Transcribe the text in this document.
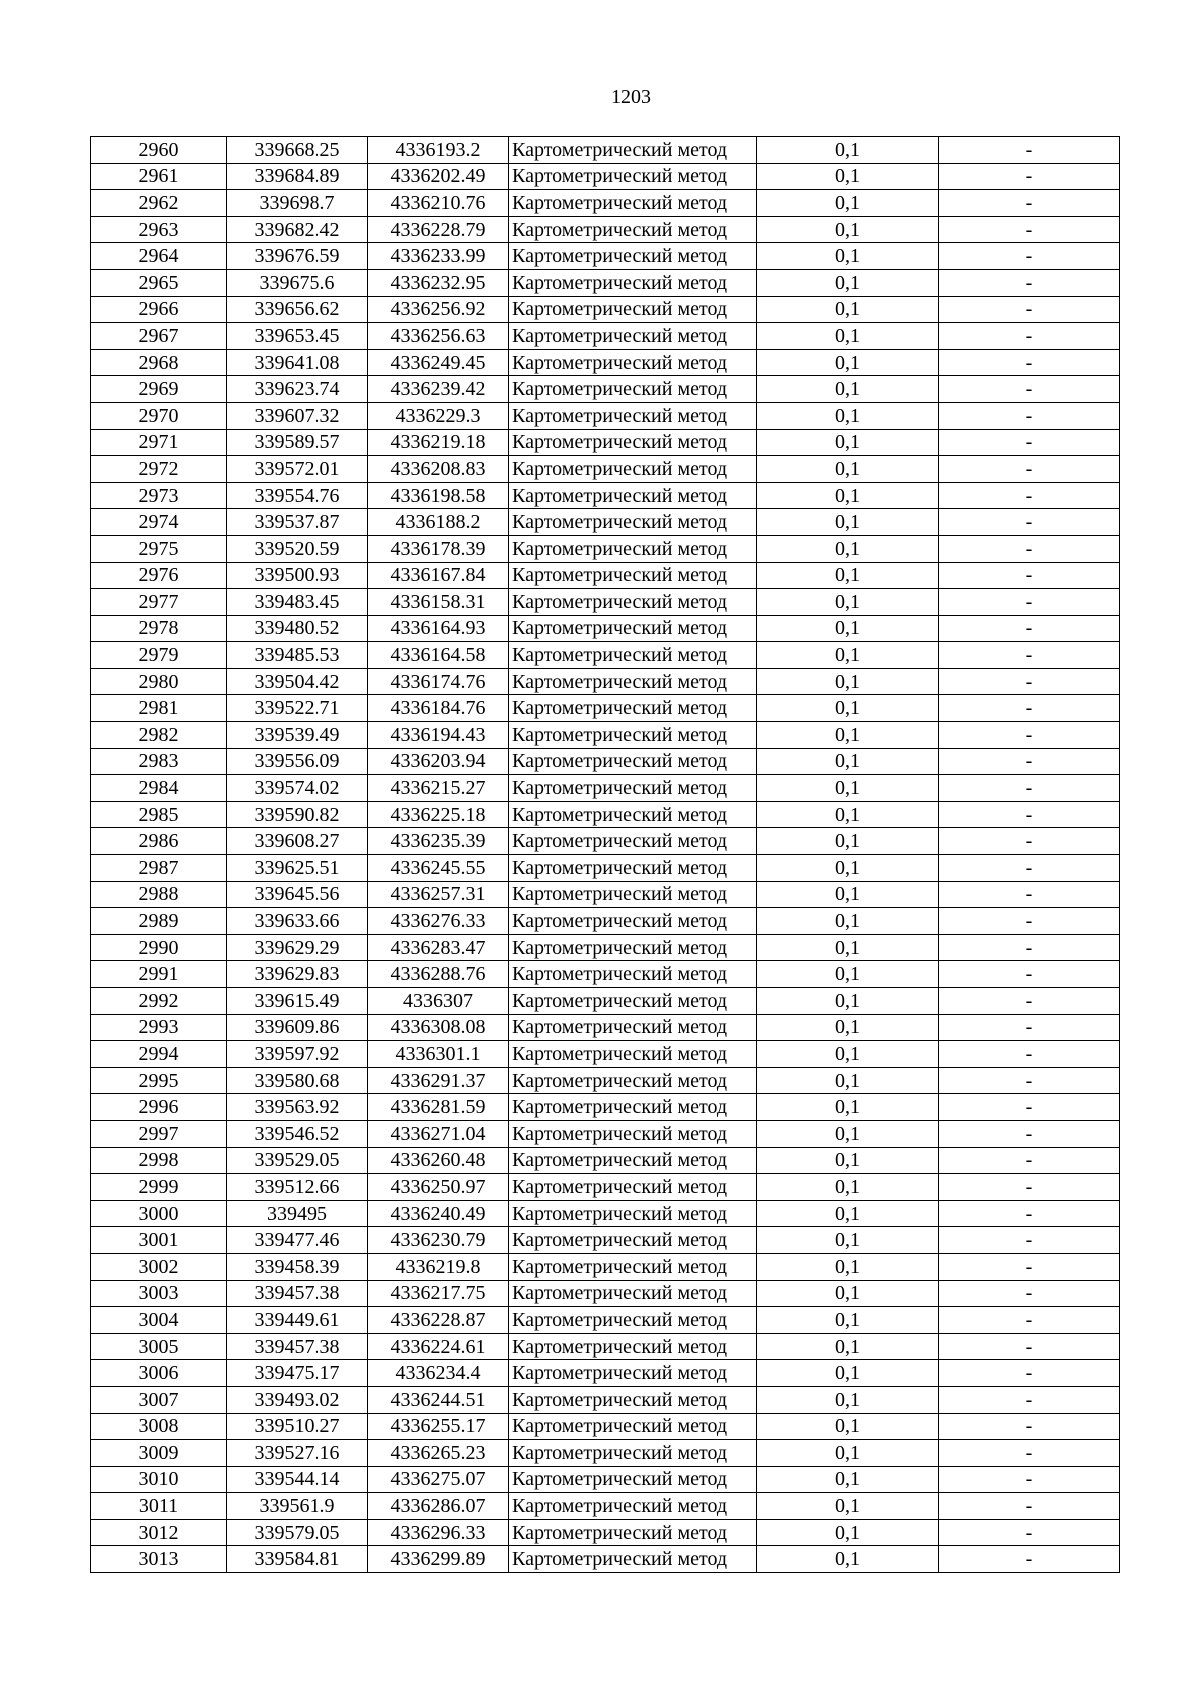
1203
2960	339668.25	4336193.2	Картометрический метод	0,1	-
2961	339684.89	4336202.49	Картометрический метод	0,1	-
2962	339698.7	4336210.76	Картометрический метод	0,1	-
2963	339682.42	4336228.79	Картометрический метод	0,1	-
2964	339676.59	4336233.99	Картометрический метод	0,1	-
2965	339675.6	4336232.95	Картометрический метод	0,1	-
2966	339656.62	4336256.92	Картометрический метод	0,1	-
2967	339653.45	4336256.63	Картометрический метод	0,1	-
2968	339641.08	4336249.45	Картометрический метод	0,1	-
2969	339623.74	4336239.42	Картометрический метод	0,1	-
2970	339607.32	4336229.3	Картометрический метод	0,1	-
2971	339589.57	4336219.18	Картометрический метод	0,1	-
2972	339572.01	4336208.83	Картометрический метод	0,1	-
2973	339554.76	4336198.58	Картометрический метод	0,1	-
2974	339537.87	4336188.2	Картометрический метод	0,1	-
2975	339520.59	4336178.39	Картометрический метод	0,1	-
2976	339500.93	4336167.84	Картометрический метод	0,1	-
2977	339483.45	4336158.31	Картометрический метод	0,1	-
2978	339480.52	4336164.93	Картометрический метод	0,1	-
2979	339485.53	4336164.58	Картометрический метод	0,1	-
2980	339504.42	4336174.76	Картометрический метод	0,1	-
2981	339522.71	4336184.76	Картометрический метод	0,1	-
2982	339539.49	4336194.43	Картометрический метод	0,1	-
2983	339556.09	4336203.94	Картометрический метод	0,1	-
2984	339574.02	4336215.27	Картометрический метод	0,1	-
2985	339590.82	4336225.18	Картометрический метод	0,1	-
2986	339608.27	4336235.39	Картометрический метод	0,1	-
2987	339625.51	4336245.55	Картометрический метод	0,1	-
2988	339645.56	4336257.31	Картометрический метод	0,1	-
2989	339633.66	4336276.33	Картометрический метод	0,1	-
2990	339629.29	4336283.47	Картометрический метод	0,1	-
2991	339629.83	4336288.76	Картометрический метод	0,1	-
2992	339615.49	4336307	Картометрический метод	0,1	-
2993	339609.86	4336308.08	Картометрический метод	0,1	-
2994	339597.92	4336301.1	Картометрический метод	0,1	-
2995	339580.68	4336291.37	Картометрический метод	0,1	-
2996	339563.92	4336281.59	Картометрический метод	0,1	-
2997	339546.52	4336271.04	Картометрический метод	0,1	-
2998	339529.05	4336260.48	Картометрический метод	0,1	-
2999	339512.66	4336250.97	Картометрический метод	0,1	-
3000	339495	4336240.49	Картометрический метод	0,1	-
3001	339477.46	4336230.79	Картометрический метод	0,1	-
3002	339458.39	4336219.8	Картометрический метод	0,1	-
3003	339457.38	4336217.75	Картометрический метод	0,1	-
3004	339449.61	4336228.87	Картометрический метод	0,1	-
3005	339457.38	4336224.61	Картометрический метод	0,1	-
3006	339475.17	4336234.4	Картометрический метод	0,1	-
3007	339493.02	4336244.51	Картометрический метод	0,1	-
3008	339510.27	4336255.17	Картометрический метод	0,1	-
3009	339527.16	4336265.23	Картометрический метод	0,1	-
3010	339544.14	4336275.07	Картометрический метод	0,1	-
3011	339561.9	4336286.07	Картометрический метод	0,1	-
3012	339579.05	4336296.33	Картометрический метод	0,1	-
3013	339584.81	4336299.89	Картометрический метод	0,1	-
